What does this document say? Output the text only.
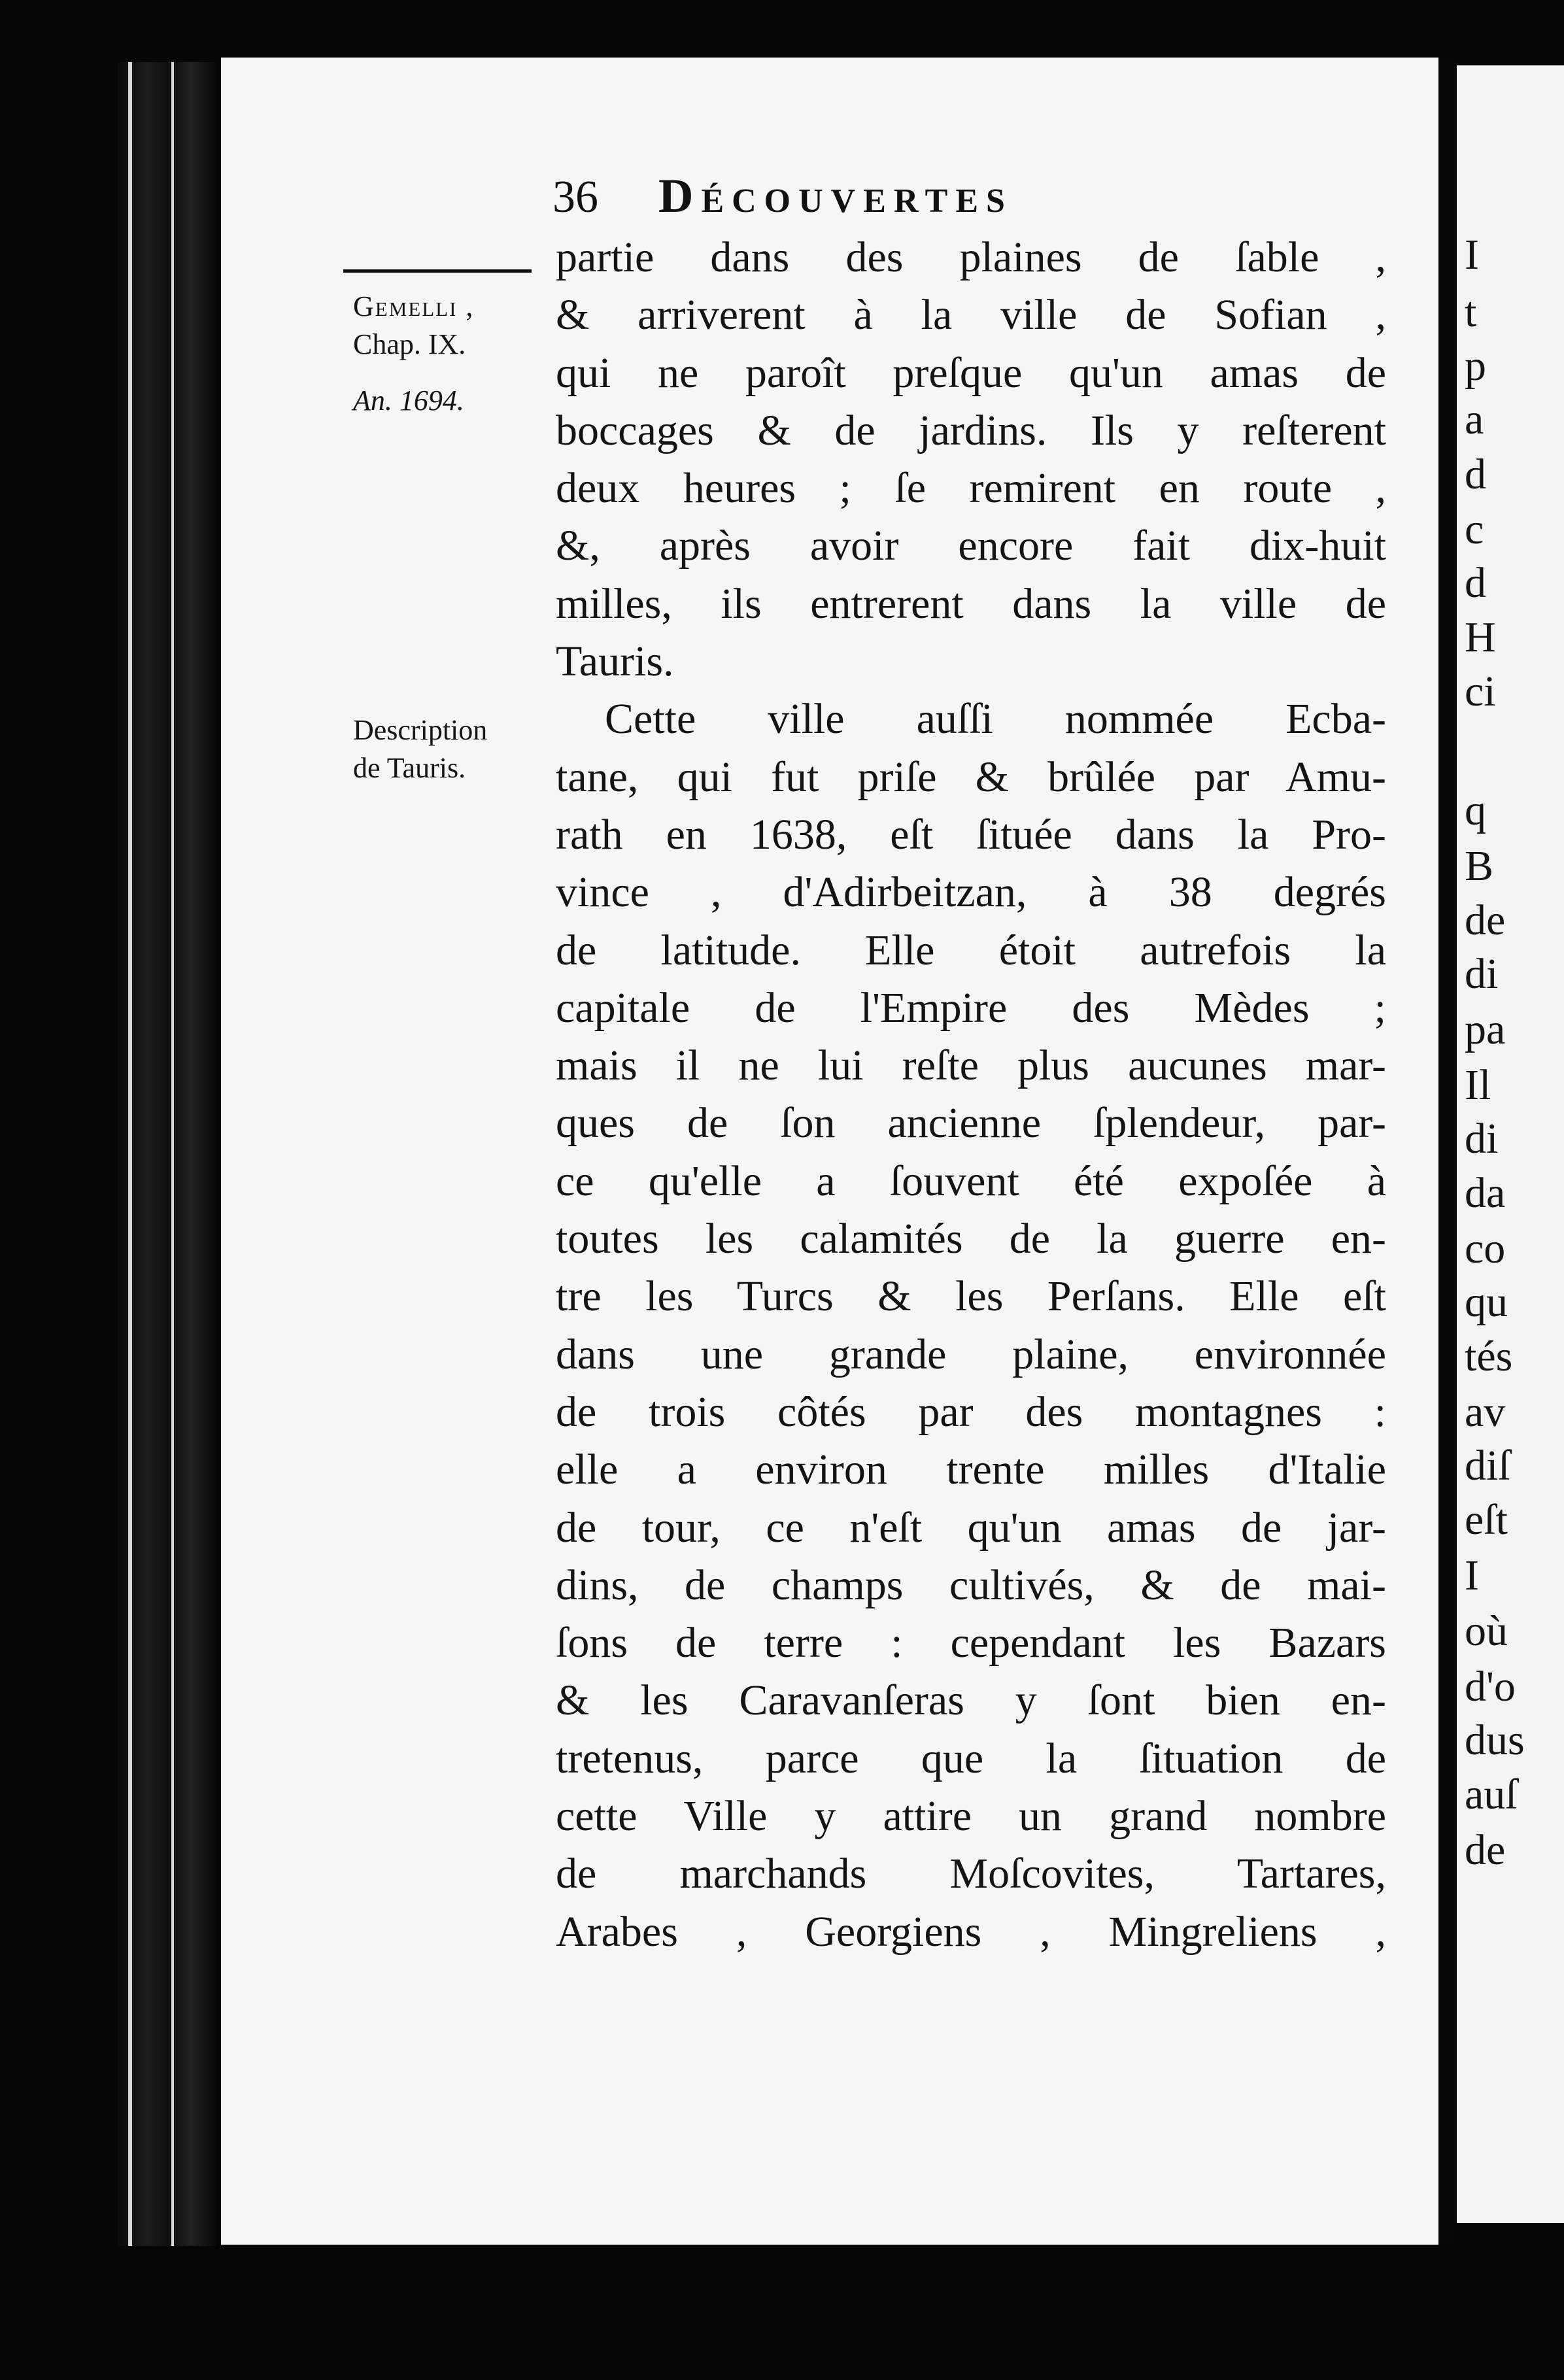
36 Découvertes

Gemelli ,

Chap. IX.

An. 1694.

Description

de Tauris.

partie dans des plaines de ſable ,
& arriverent à la ville de Sofian ,
qui ne paroît preſque qu'un amas de
boccages & de jardins. Ils y reſterent
deux heures ; ſe remirent en route ,
&, après avoir encore fait dix-huit
milles, ils entrerent dans la ville de
Tauris.
Cette ville auſſi nommée Ecba-
tane, qui fut priſe & brûlée par Amu-
rath en 1638, eſt ſituée dans la Pro-
vince , d'Adirbeitzan, à 38 degrés
de latitude. Elle étoit autrefois la
capitale de l'Empire des Mèdes ;
mais il ne lui reſte plus aucunes mar-
ques de ſon ancienne ſplendeur, par-
ce qu'elle a ſouvent été expoſée à
toutes les calamités de la guerre en-
tre les Turcs & les Perſans. Elle eſt
dans une grande plaine, environnée
de trois côtés par des montagnes :
elle a environ trente milles d'Italie
de tour, ce n'eſt qu'un amas de jar-
dins, de champs cultivés, & de mai-
ſons de terre : cependant les Bazars
& les Caravanſeras y ſont bien en-
tretenus, parce que la ſituation de
cette Ville y attire un grand nombre
de marchands Moſcovites, Tartares,
Arabes , Georgiens , Mingreliens ,
I
t
p
a
d
c
d
H
ci
q
B
de
di
pa
Il
di
da
co
qu
tés
av
diſ
eſt
I
où
d'o
dus
auſ
de
